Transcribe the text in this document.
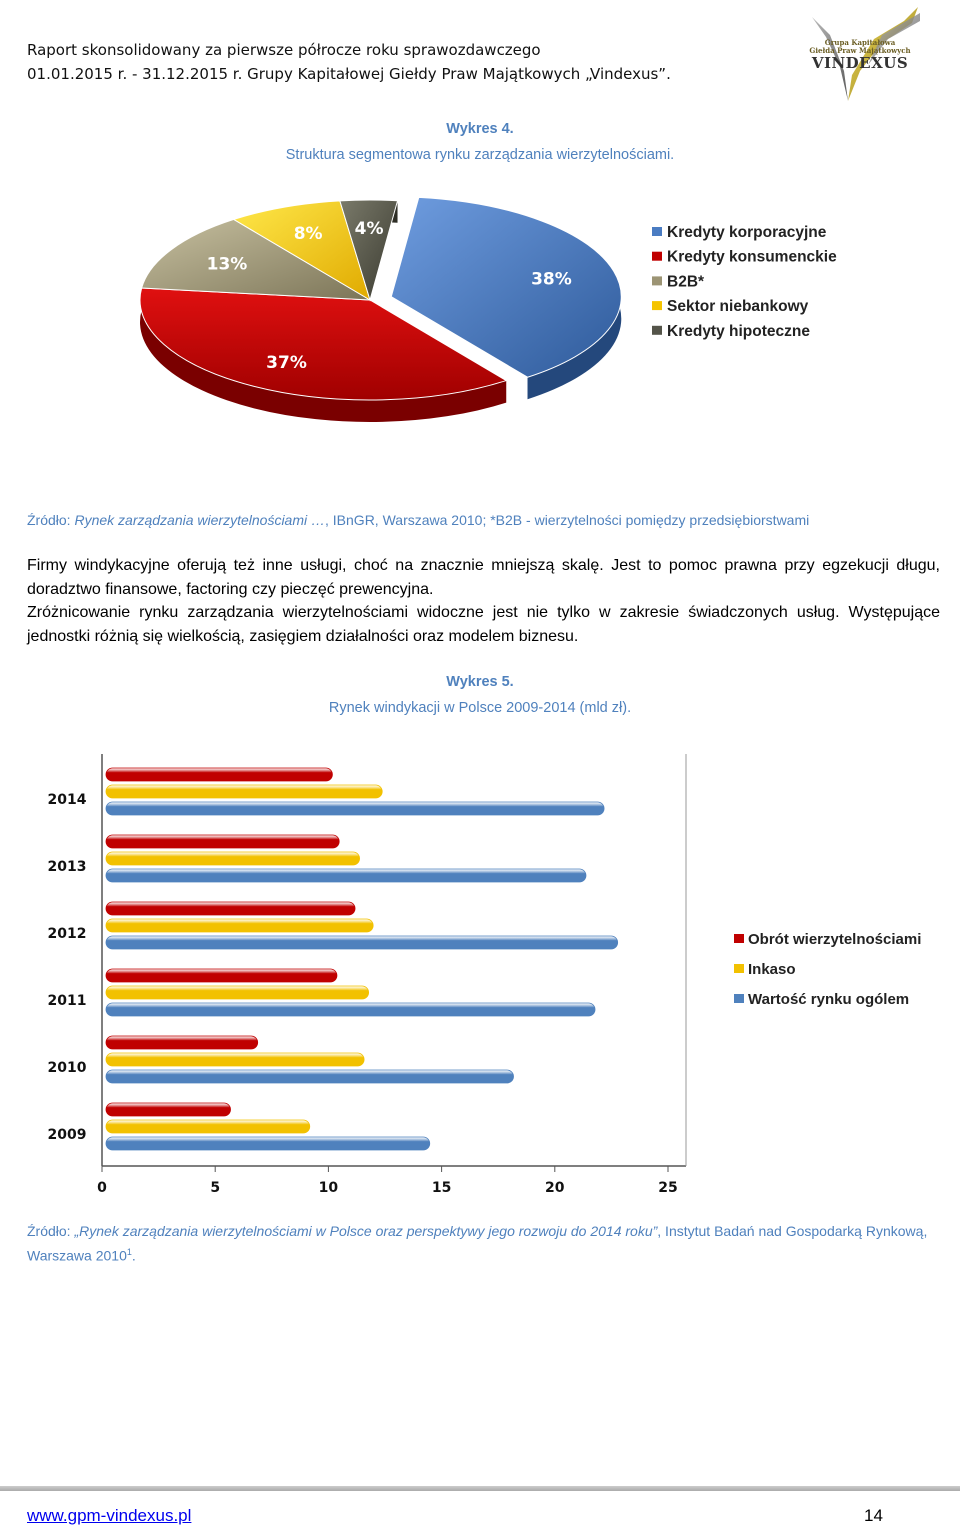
Raport skonsolidowany za pierwsze półrocze roku sprawozdawczego
01.01.2015 r. - 31.12.2015 r. Grupy Kapitałowej Giełdy Praw Majątkowych „Vindexus”.
Grupa Kapitałowa
Giełda Praw Majątkowych
VINDEXUS
Wykres 4.
Struktura segmentowa rynku zarządzania wierzytelnościami.
38%
37%
13%
8% 4%	Kredyty korporacyjne
Kredyty konsumenckie
B2B*
Sektor niebankowy
Kredyty hipoteczne
Źródło: Rynek zarządzania wierzytelnościami …, IBnGR, Warszawa 2010; *B2B - wierzytelności pomiędzy przedsiębiorstwami
Firmy windykacyjne oferują też inne usługi, choć na znacznie mniejszą skalę. Jest to pomoc prawna przy egzekucji długu, doradztwo finansowe, factoring czy pieczęć prewencyjna.
Zróżnicowanie rynku zarządzania wierzytelnościami widoczne jest nie tylko w zakresie świadczonych usług. Występujące jednostki różnią się wielkością, zasięgiem działalności oraz modelem biznesu.
Wykres 5.
Rynek windykacji w Polsce 2009-2014 (mld zł).
0	5	10	15	20	25
2014
2013
2012
2011
2010
2009
Obrót wierzytelnościami
Inkaso
Wartość rynku ogólem
Źródło: „Rynek zarządzania wierzytelnościami w Polsce oraz perspektywy jego rozwoju do 2014 roku”, Instytut Badań nad Gospodarką Rynkową, Warszawa 2010$^1$.
www.gpm-vindexus.pl	14
